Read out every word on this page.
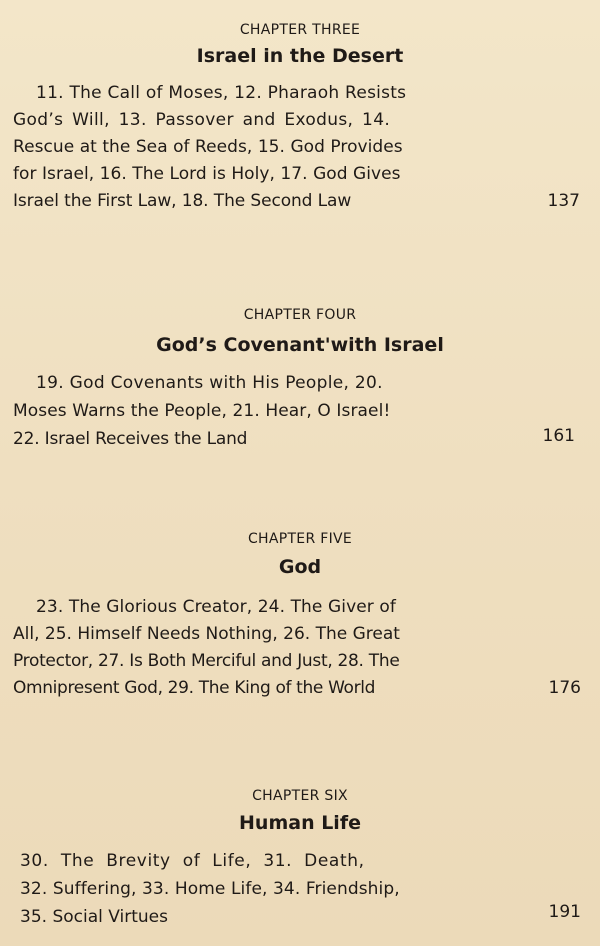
CHAPTER THREE
Israel in the Desert
11. The Call of Moses, 12. Pharaoh Resists
God’s Will, 13. Passover and Exodus, 14.
Rescue at the Sea of Reeds, 15. God Provides
for Israel, 16. The Lord is Holy, 17. God Gives
Israel the First Law, 18. The Second Law	137
CHAPTER FOUR
God’s Covenant'with Israel
19. God Covenants with His People, 20.
Moses Warns the People, 21. Hear, O Israel!
22. Israel Receives the Land	161
CHAPTER FIVE
God
23. The Glorious Creator, 24. The Giver of
All, 25. Himself Needs Nothing, 26. The Great
Protector, 27. Is Both Merciful and Just, 28. The
Omnipresent God, 29. The King of the World	176
CHAPTER SIX
Human Life
30. The Brevity of Life, 31. Death,
32. Suffering, 33. Home Life, 34. Friendship,
35. Social Virtues	191
